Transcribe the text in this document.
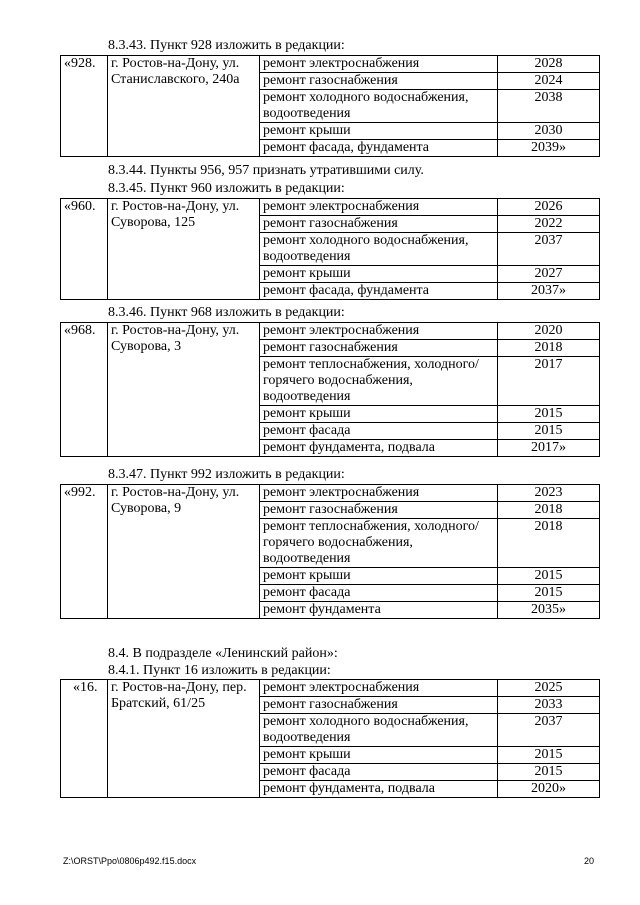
8.3.43. Пункт 928 изложить в редакции:
«928.	г. Ростов-на-Дону, ул. Станиславского, 240а	ремонт электроснабжения	2028
		ремонт газоснабжения	2024
		ремонт холодного водоснабжения, водоотведения	2038
		ремонт крыши	2030
		ремонт фасада, фундамента	2039»
8.3.44. Пункты 956, 957 признать утратившими силу.
8.3.45. Пункт 960 изложить в редакции:
«960.	г. Ростов-на-Дону, ул. Суворова, 125	ремонт электроснабжения	2026
		ремонт газоснабжения	2022
		ремонт холодного водоснабжения, водоотведения	2037
		ремонт крыши	2027
		ремонт фасада, фундамента	2037»
8.3.46. Пункт 968 изложить в редакции:
«968.	г. Ростов-на-Дону, ул. Суворова, 3	ремонт электроснабжения	2020
		ремонт газоснабжения	2018
		ремонт теплоснабжения, холодного/горячего водоснабжения, водоотведения	2017
		ремонт крыши	2015
		ремонт фасада	2015
		ремонт фундамента, подвала	2017»
8.3.47. Пункт 992 изложить в редакции:
«992.	г. Ростов-на-Дону, ул. Суворова, 9	ремонт электроснабжения	2023
		ремонт газоснабжения	2018
		ремонт теплоснабжения, холодного/горячего водоснабжения, водоотведения	2018
		ремонт крыши	2015
		ремонт фасада	2015
		ремонт фундамента	2035»
8.4. В подразделе «Ленинский район»:
8.4.1. Пункт 16 изложить в редакции:
«16.	г. Ростов-на-Дону, пер. Братский, 61/25	ремонт электроснабжения	2025
		ремонт газоснабжения	2033
		ремонт холодного водоснабжения, водоотведения	2037
		ремонт крыши	2015
		ремонт фасада	2015
		ремонт фундамента, подвала	2020»
Z:\ORST\Ppo\0806p492.f15.docx	20
